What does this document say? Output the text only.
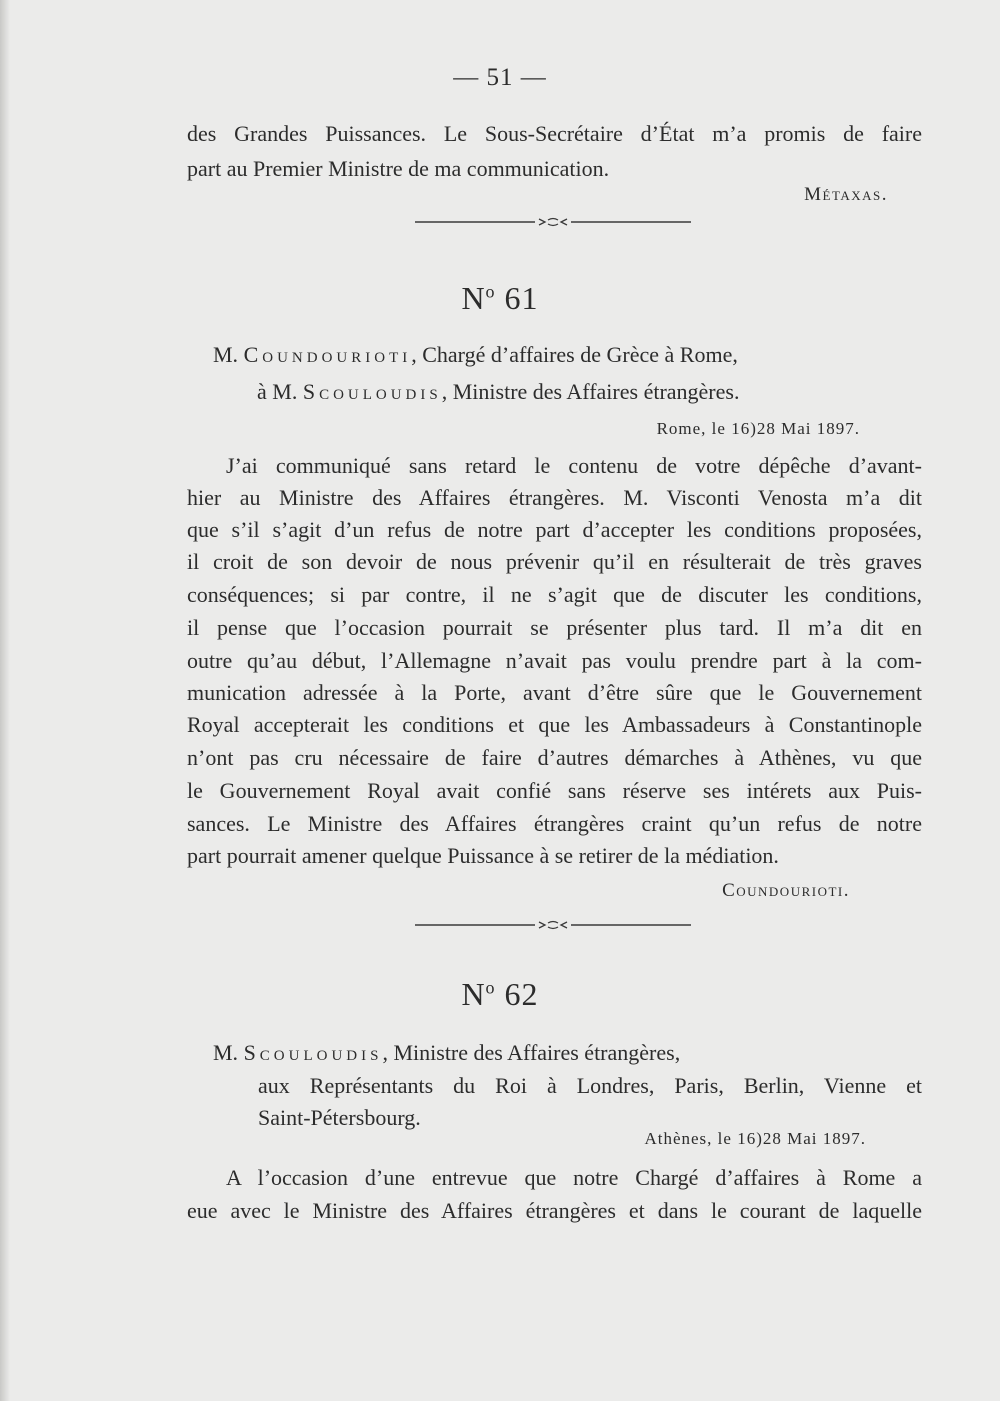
— 51 —
des Grandes Puissances. Le Sous-Secrétaire d’État m’a promis de faire
part au Premier Ministre de ma communication.
Métaxas.
$N^o$ 61
M. Coundourioti, Chargé d’affaires de Grèce à Rome,
à M. Scouloudis, Ministre des Affaires étrangères.
Rome, le 16)28 Mai 1897.
J’ai communiqué sans retard le contenu de votre dépêche d’avant-
hier au Ministre des Affaires étrangères. M. Visconti Venosta m’a dit
que s’il s’agit d’un refus de notre part d’accepter les conditions proposées,
il croit de son devoir de nous prévenir qu’il en résulterait de très graves
conséquences; si par contre, il ne s’agit que de discuter les conditions,
il pense que l’occasion pourrait se présenter plus tard. Il m’a dit en
outre qu’au début, l’Allemagne n’avait pas voulu prendre part à la com-
munication adressée à la Porte, avant d’être sûre que le Gouvernement
Royal accepterait les conditions et que les Ambassadeurs à Constantinople
n’ont pas cru nécessaire de faire d’autres démarches à Athènes, vu que
le Gouvernement Royal avait confié sans réserve ses intérets aux Puis-
sances. Le Ministre des Affaires étrangères craint qu’un refus de notre
part pourrait amener quelque Puissance à se retirer de la médiation.
Coundourioti.
$N^o$ 62
M. Scouloudis, Ministre des Affaires étrangères,
aux Représentants du Roi à Londres, Paris, Berlin, Vienne et
Saint-Pétersbourg.
Athènes, le 16)28 Mai 1897.
A l’occasion d’une entrevue que notre Chargé d’affaires à Rome a
eue avec le Ministre des Affaires étrangères et dans le courant de laquelle
